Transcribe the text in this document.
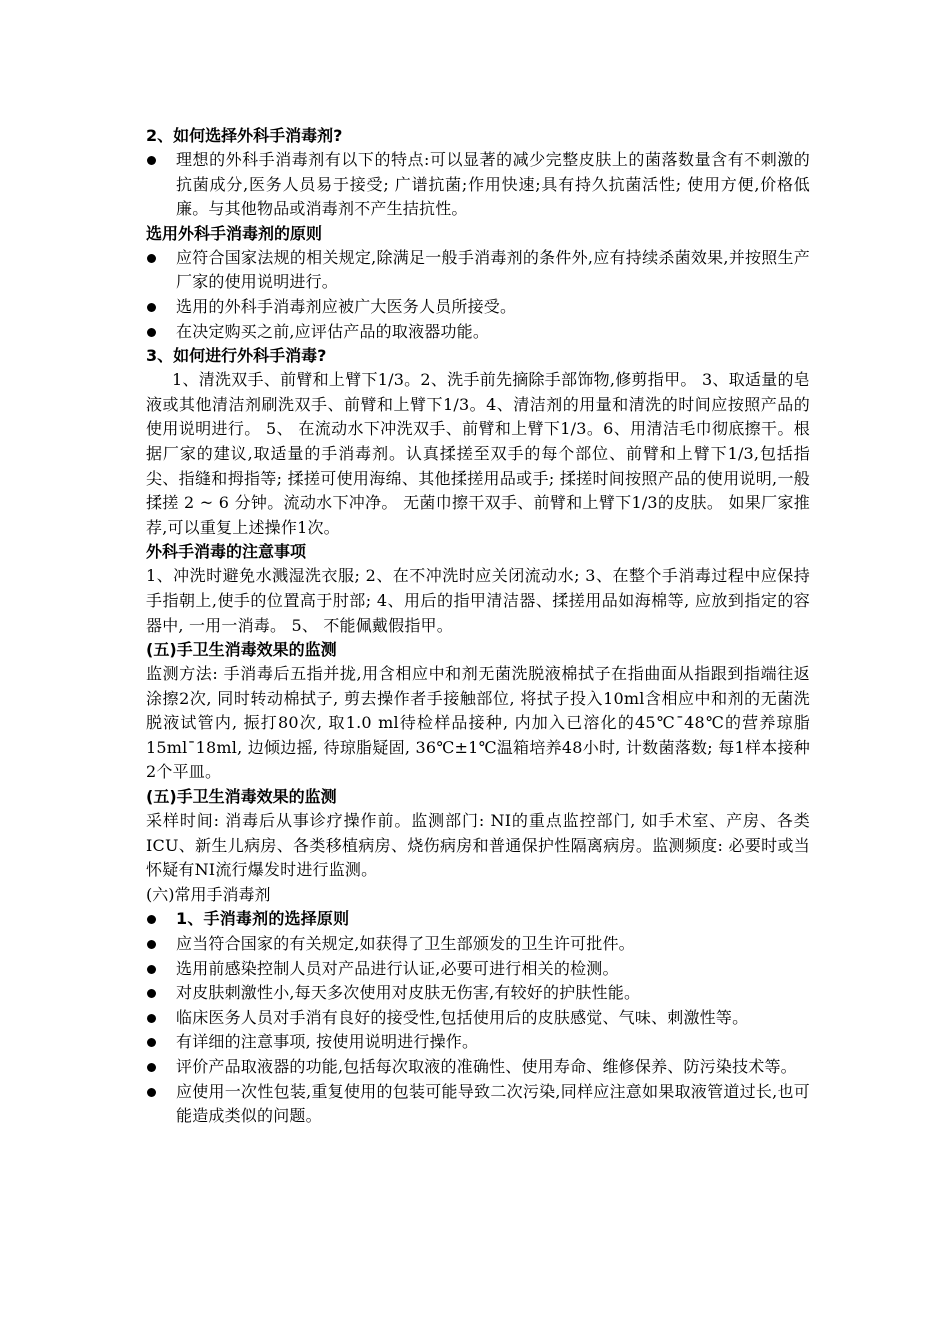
2、如何选择外科手消毒剂?
理想的外科手消毒剂有以下的特点:可以显著的减少完整皮肤上的菌落数量含有不刺激的抗菌成分,医务人员易于接受; 广谱抗菌;作用快速;具有持久抗菌活性; 使用方便,价格低廉。与其他物品或消毒剂不产生拮抗性。
选用外科手消毒剂的原则
应符合国家法规的相关规定,除满足一般手消毒剂的条件外,应有持续杀菌效果,并按照生产厂家的使用说明进行。
选用的外科手消毒剂应被广大医务人员所接受。
在决定购买之前,应评估产品的取液器功能。
3、如何进行外科手消毒?

1、清洗双手、前臂和上臂下1/3。2、洗手前先摘除手部饰物,修剪指甲。 3、取适量的皂液或其他清洁剂刷洗双手、前臂和上臂下1/3。4、清洁剂的用量和清洗的时间应按照产品的使用说明进行。 5、 在流动水下冲洗双手、前臂和上臂下1/3。6、用清洁毛巾彻底擦干。根据厂家的建议,取适量的手消毒剂。认真揉搓至双手的每个部位、前臂和上臂下1/3,包括指尖、指缝和拇指等; 揉搓可使用海绵、其他揉搓用品或手; 揉搓时间按照产品的使用说明,一般揉搓 2 ~ 6 分钟。流动水下冲净。 无菌巾擦干双手、前臂和上臂下1/3的皮肤。 如果厂家推荐,可以重复上述操作1次。

外科手消毒的注意事项

1、冲洗时避免水溅湿洗衣服; 2、在不冲洗时应关闭流动水; 3、在整个手消毒过程中应保持手指朝上,使手的位置高于肘部; 4、用后的指甲清洁器、揉搓用品如海棉等, 应放到指定的容器中, 一用一消毒。 5、 不能佩戴假指甲。

(五)手卫生消毒效果的监测

监测方法: 手消毒后五指并拢,用含相应中和剂无菌洗脱液棉拭子在指曲面从指跟到指端往返涂擦2次, 同时转动棉拭子, 剪去操作者手接触部位, 将拭子投入10ml含相应中和剂的无菌洗脱液试管内, 振打80次, 取1.0 ml待检样品接种, 内加入已溶化的45℃¯48℃的营养琼脂15ml¯18ml, 边倾边摇, 待琼脂疑固, 36℃±1℃温箱培养48小时, 计数菌落数; 每1样本接种2个平皿。

(五)手卫生消毒效果的监测

采样时间: 消毒后从事诊疗操作前。监测部门: NI的重点监控部门, 如手术室、产房、各类ICU、新生儿病房、各类移植病房、烧伤病房和普通保护性隔离病房。监测频度: 必要时或当怀疑有NI流行爆发时进行监测。

(六)常用手消毒剂

1、手消毒剂的选择原则
应当符合国家的有关规定,如获得了卫生部颁发的卫生许可批件。
选用前感染控制人员对产品进行认证,必要可进行相关的检测。
对皮肤刺激性小,每天多次使用对皮肤无伤害,有较好的护肤性能。
临床医务人员对手消有良好的接受性,包括使用后的皮肤感觉、气味、刺激性等。
有详细的注意事项, 按使用说明进行操作。
评价产品取液器的功能,包括每次取液的准确性、使用寿命、维修保养、防污染技术等。
应使用一次性包装,重复使用的包装可能导致二次污染,同样应注意如果取液管道过长,也可能造成类似的问题。
